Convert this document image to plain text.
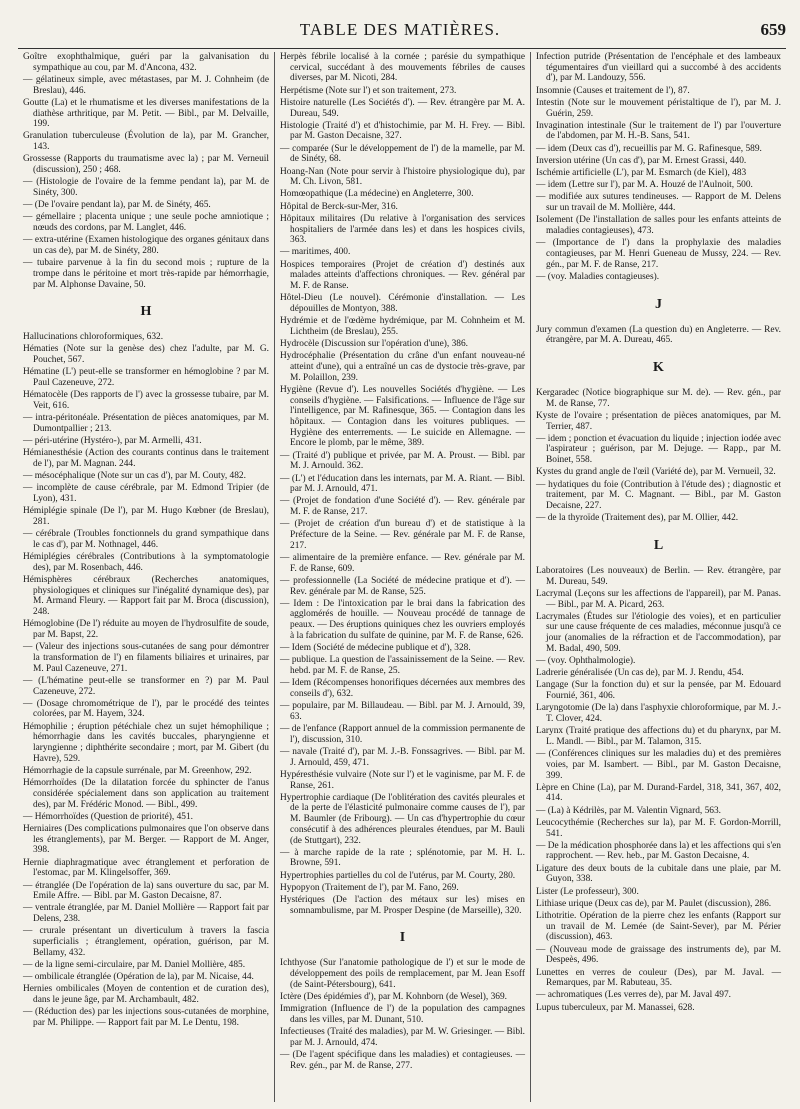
TABLE DES MATIÈRES.	659
Goître exophthalmique, guéri par la galvanisation du sympathique au cou, par M. d'Ancona, 432.
— gélatineux simple, avec métastases, par M. J. Cohnheim (de Breslau), 446.
Goutte (La) et le rhumatisme et les diverses manifestations de la diathèse arthritique, par M. Petit. — Bibl., par M. Delvaille, 199.
Granulation tuberculeuse (Évolution de la), par M. Grancher, 143.
Grossesse (Rapports du traumatisme avec la) ; par M. Verneuil (discussion), 250 ; 468.
— (Histologie de l'ovaire de la femme pendant la), par M. de Sinéty, 300.
— (De l'ovaire pendant la), par M. de Sinéty, 465.
— gémellaire ; placenta unique ; une seule poche amniotique ; nœuds des cordons, par M. Langlet, 446.
— extra-utérine (Examen histologique des organes génitaux dans un cas de), par M. de Sinéty, 280.
— tubaire parvenue à la fin du second mois ; rupture de la trompe dans le péritoine et mort très-rapide par hémorrhagie, par M. Alphonse Davaine, 50.
H
Hallucinations chloroformiques, 632.
Hématies (Note sur la genèse des) chez l'adulte, par M. G. Pouchet, 567.
Hématine (L') peut-elle se transformer en hémoglobine ? par M. Paul Cazeneuve, 272.
Hématocèle (Des rapports de l') avec la grossesse tubaire, par M. Veit, 616.
— intra-péritonéale. Présentation de pièces anatomiques, par M. Dumontpallier ; 213.
— péri-utérine (Hystéro-), par M. Armelli, 431.
Hémianesthésie (Action des courants continus dans le traitement de l'), par M. Magnan. 244.
— mésocéphalique (Note sur un cas d'), par M. Couty, 482.
— incomplète de cause cérébrale, par M. Edmond Tripier (de Lyon), 431.
Hémiplégie spinale (De l'), par M. Hugo Kœbner (de Breslau), 281.
— cérébrale (Troubles fonctionnels du grand sympathique dans le cas d'), par M. Nothnagel, 446.
Hémiplégies cérébrales (Contributions à la symptomatologie des), par M. Rosenbach, 446.
Hémisphères cérébraux (Recherches anatomiques, physiologiques et cliniques sur l'inégalité dynamique des), par M. Armand Fleury. — Rapport fait par M. Broca (discussion), 248.
Hémoglobine (De l') réduite au moyen de l'hydrosulfite de soude, par M. Bapst, 22.
— (Valeur des injections sous-cutanées de sang pour démontrer la transformation de l') en filaments biliaires et urinaires, par M. Paul Cazeneuve, 271.
— (L'hématine peut-elle se transformer en ?) par M. Paul Cazeneuve, 272.
— (Dosage chromométrique de l'), par le procédé des teintes colorées, par M. Hayem, 324.
Hémophilie ; éruption pétéchiale chez un sujet hémophilique ; hémorrhagie dans les cavités buccales, pharyngienne et laryngienne ; diphthérite secondaire ; mort, par M. Gibert (du Havre), 529.
Hémorrhagie de la capsule surrénale, par M. Greenhow, 292.
Hémorrhoïdes (De la dilatation forcée du sphincter de l'anus considérée spécialement dans son application au traitement des), par M. Frédéric Monod. — Bibl., 499.
— Hémorrhoïdes (Question de priorité), 451.
Herniaires (Des complications pulmonaires que l'on observe dans les étranglements), par M. Berger. — Rapport de M. Anger, 398.
Hernie diaphragmatique avec étranglement et perforation de l'estomac, par M. Klingelsoffer, 369.
— étranglée (De l'opération de la) sans ouverture du sac, par M. Emile Affre. — Bibl. par M. Gaston Decaisne, 87.
— ventrale étranglée, par M. Daniel Mollière — Rapport fait par Delens, 238.
— crurale présentant un diverticulum à travers la fascia superficialis ; étranglement, opération, guérison, par M. Bellamy, 432.
— de la ligne semi-circulaire, par M. Daniel Mollière, 485.
— ombilicale étranglée (Opération de la), par M. Nicaise, 44.
Hernies ombilicales (Moyen de contention et de curation des), dans le jeune âge, par M. Archambault, 482.
— (Réduction des) par les injections sous-cutanées de morphine, par M. Philippe. — Rapport fait par M. Le Dentu, 198.
Herpès fébrile localisé à la cornée ; parésie du sympathique cervical, succédant à des mouvements fébriles de causes diverses, par M. Nicoti, 284.
Herpétisme (Note sur l') et son traitement, 273.
Histoire naturelle (Les Sociétés d'). — Rev. étrangère par M. A. Dureau, 549.
Histologie (Traité d') et d'histochimie, par M. H. Frey. — Bibl. par M. Gaston Decaisne, 327.
— comparée (Sur le développement de l') de la mamelle, par M. de Sinéty, 68.
Hoang-Nan (Note pour servir à l'histoire physiologique du), par M. Ch. Livon, 581.
Homœopathique (La médecine) en Angleterre, 300.
Hôpital de Berck-sur-Mer, 316.
Hôpitaux militaires (Du relative à l'organisation des services hospitaliers de l'armée dans les) et dans les hospices civils, 363.
— maritimes, 400.
Hospices temporaires (Projet de création d') destinés aux malades atteints d'affections chroniques. — Rev. général par M. F. de Ranse.
Hôtel-Dieu (Le nouvel). Cérémonie d'installation. — Les dépouilles de Montyon, 388.
Hydrémie et de l'œdème hydrémique, par M. Cohnheim et M. Lichtheim (de Breslau), 255.
Hydrocèle (Discussion sur l'opération d'une), 386.
Hydrocéphalie (Présentation du crâne d'un enfant nouveau-né atteint d'une), qui a entraîné un cas de dystocie très-grave, par M. Polaillon, 239.
Hygiène (Revue d'). Les nouvelles Sociétés d'hygiène. — Les conseils d'hygiène. — Falsifications. — Influence de l'âge sur l'intelligence, par M. Rafinesque, 365. — Contagion dans les hôpitaux. — Contagion dans les voitures publiques. — Hygiène des enterrements. — Le suicide en Allemagne. — Encore le plomb, par le même, 389.
— (Traité d') publique et privée, par M. A. Proust. — Bibl. par M. J. Arnould. 362.
— (L') et l'éducation dans les internats, par M. A. Riant. — Bibl. par M. J. Arnould, 471.
— (Projet de fondation d'une Société d'). — Rev. générale par M. F. de Ranse, 217.
— (Projet de création d'un bureau d') et de statistique à la Préfecture de la Seine. — Rev. générale par M. F. de Ranse, 217.
— alimentaire de la première enfance. — Rev. générale par M. F. de Ranse, 609.
— professionnelle (La Société de médecine pratique et d'). — Rev. générale par M. de Ranse, 525.
— Idem : De l'intoxication par le brai dans la fabrication des agglomérés de houille. — Nouveau procédé de tannage de peaux. — Des éruptions quiniques chez les ouvriers employés à la fabrication du sulfate de quinine, par M. F. de Ranse, 626.
— Idem (Société de médecine publique et d'), 328.
— publique. La question de l'assainissement de la Seine. — Rev. hebd. par M. F. de Ranse, 25.
— Idem (Récompenses honorifiques décernées aux membres des conseils d'), 632.
— populaire, par M. Billaudeau. — Bibl. par M. J. Arnould, 39, 63.
— de l'enfance (Rapport annuel de la commission permanente de l'), discussion, 310.
— navale (Traité d'), par M. J.-B. Fonssagrives. — Bibl. par M. J. Arnould, 459, 471.
Hypéresthésie vulvaire (Note sur l') et le vaginisme, par M. F. de Ranse, 261.
Hypertrophie cardiaque (De l'oblitération des cavités pleurales et de la perte de l'élasticité pulmonaire comme causes de l'), par M. Baumler (de Fribourg). — Un cas d'hypertrophie du cœur consécutif à des adhérences pleurales étendues, par M. Bauli (de Stuttgart), 232.
— à marche rapide de la rate ; splénotomie, par M. H. L. Browne, 591.
Hypertrophies partielles du col de l'utérus, par M. Courty, 280.
Hypopyon (Traitement de l'), par M. Fano, 269.
Hystériques (De l'action des métaux sur les) mises en somnambulisme, par M. Prosper Despine (de Marseille), 320.
I
Ichthyose (Sur l'anatomie pathologique de l') et sur le mode de développement des poils de remplacement, par M. Jean Esoff (de Saint-Pétersbourg), 641.
Ictère (Des épidémies d'), par M. Kohnborn (de Wesel), 369.
Immigration (Influence de l') de la population des campagnes dans les villes, par M. Dunant, 510.
Infectieuses (Traité des maladies), par M. W. Griesinger. — Bibl. par M. J. Arnould, 474.
— (De l'agent spécifique dans les maladies) et contagieuses. — Rev. gén., par M. de Ranse, 277.
Infection putride (Présentation de l'encéphale et des lambeaux tégumentaires d'un vieillard qui a succombé à des accidents d'), par M. Landouzy, 556.
Insomnie (Causes et traitement de l'), 87.
Intestin (Note sur le mouvement péristaltique de l'), par M. J. Guérin, 259.
Invagination intestinale (Sur le traitement de l') par l'ouverture de l'abdomen, par M. H.-B. Sans, 541.
— idem (Deux cas d'), recueillis par M. G. Rafinesque, 589.
Inversion utérine (Un cas d'), par M. Ernest Grassi, 440.
Ischémie artificielle (L'), par M. Esmarch (de Kiel), 483
— idem (Lettre sur l'), par M. A. Houzé de l'Aulnoit, 500.
— modifiée aux sutures tendineuses. — Rapport de M. Delens sur un travail de M. Mollière, 444.
Isolement (De l'installation de salles pour les enfants atteints de maladies contagieuses), 473.
— (Importance de l') dans la prophylaxie des maladies contagieuses, par M. Henri Gueneau de Mussy, 224. — Rev. gén., par M. F. de Ranse, 217.
— (voy. Maladies contagieuses).
J
Jury commun d'examen (La question du) en Angleterre. — Rev. étrangère, par M. A. Dureau, 465.
K
Kergaradec (Notice biographique sur M. de). — Rev. gén., par M. de Ranse, 77.
Kyste de l'ovaire ; présentation de pièces anatomiques, par M. Terrier, 487.
— idem ; ponction et évacuation du liquide ; injection iodée avec l'aspirateur ; guérison, par M. Dejuge. — Rapp., par M. Boinet, 558.
Kystes du grand angle de l'œil (Variété de), par M. Vernueil, 32.
— hydatiques du foie (Contribution à l'étude des) ; diagnostic et traitement, par M. C. Magnant. — Bibl., par M. Gaston Decaisne, 227.
— de la thyroïde (Traitement des), par M. Ollier, 442.
L
Laboratoires (Les nouveaux) de Berlin. — Rev. étrangère, par M. Dureau, 549.
Lacrymal (Leçons sur les affections de l'appareil), par M. Panas. — Bibl., par M. A. Picard, 263.
Lacrymales (Études sur l'étiologie des voies), et en particulier sur une cause fréquente de ces maladies, méconnue jusqu'à ce jour (anomalies de la réfraction et de l'accommodation), par M. Badal, 490, 509.
— (voy. Ophthalmologie).
Ladrerie généralisée (Un cas de), par M. J. Rendu, 454.
Langage (Sur la fonction du) et sur la pensée, par M. Edouard Fournié, 361, 406.
Laryngotomie (De la) dans l'asphyxie chloroformique, par M. J.-T. Clover, 424.
Larynx (Traité pratique des affections du) et du pharynx, par M. L. Mandl. — Bibl., par M. Talamon, 315.
— (Conférences cliniques sur les maladies du) et des premières voies, par M. Isambert. — Bibl., par M. Gaston Decaisne, 399.
Lèpre en Chine (La), par M. Durand-Fardel, 318, 341, 367, 402, 414.
— (La) à Kédrilès, par M. Valentin Vignard, 563.
Leucocythémie (Recherches sur la), par M. F. Gordon-Morrill, 541.
— De la médication phosphorée dans la) et les affections qui s'en rapprochent. — Rev. heb., par M. Gaston Decaisne, 4.
Ligature des deux bouts de la cubitale dans une plaie, par M. Guyon, 338.
Lister (Le professeur), 300.
Lithiase urique (Deux cas de), par M. Paulet (discussion), 286.
Lithotritie. Opération de la pierre chez les enfants (Rapport sur un travail de M. Lemée (de Saint-Sever), par M. Périer (discussion), 463.
— (Nouveau mode de graissage des instruments de), par M. Despeès, 496.
Lunettes en verres de couleur (Des), par M. Javal. — Remarques, par M. Rabuteau, 35.
— achromatiques (Les verres de), par M. Javal 497.
Lupus tuberculeux, par M. Manassei, 628.
